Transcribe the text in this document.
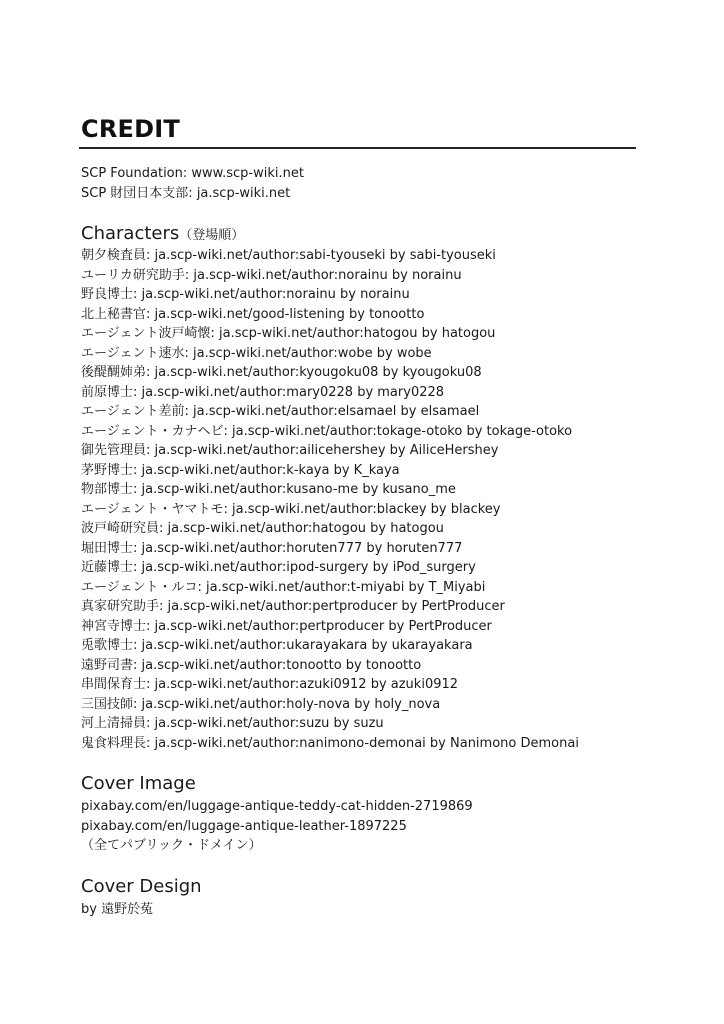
CREDIT
SCP Foundation: www.scp-wiki.net
SCP 財団日本支部: ja.scp-wiki.net
Characters（登場順）
朝夕検査員: ja.scp-wiki.net/author:sabi-tyouseki by sabi-tyouseki
ユーリカ研究助手: ja.scp-wiki.net/author:norainu by norainu
野良博士: ja.scp-wiki.net/author:norainu by norainu
北上秘書官: ja.scp-wiki.net/good-listening by tonootto
エージェント波戸崎懐: ja.scp-wiki.net/author:hatogou by hatogou
エージェント速水: ja.scp-wiki.net/author:wobe by wobe
後醍醐姉弟: ja.scp-wiki.net/author:kyougoku08 by kyougoku08
前原博士: ja.scp-wiki.net/author:mary0228 by mary0228
エージェント差前: ja.scp-wiki.net/author:elsamael by elsamael
エージェント・カナヘビ: ja.scp-wiki.net/author:tokage-otoko by tokage-otoko
御先管理員: ja.scp-wiki.net/author:ailicehershey by AiliceHershey
茅野博士: ja.scp-wiki.net/author:k-kaya by K_kaya
物部博士: ja.scp-wiki.net/author:kusano-me by kusano_me
エージェント・ヤマトモ: ja.scp-wiki.net/author:blackey by blackey
波戸崎研究員: ja.scp-wiki.net/author:hatogou by hatogou
堀田博士: ja.scp-wiki.net/author:horuten777 by horuten777
近藤博士: ja.scp-wiki.net/author:ipod-surgery by iPod_surgery
エージェント・ルコ: ja.scp-wiki.net/author:t-miyabi by T_Miyabi
真家研究助手: ja.scp-wiki.net/author:pertproducer by PertProducer
神宮寺博士: ja.scp-wiki.net/author:pertproducer by PertProducer
兎歌博士: ja.scp-wiki.net/author:ukarayakara by ukarayakara
遠野司書: ja.scp-wiki.net/author:tonootto by tonootto
串間保育士: ja.scp-wiki.net/author:azuki0912 by azuki0912
三国技師: ja.scp-wiki.net/author:holy-nova by holy_nova
河上清掃員: ja.scp-wiki.net/author:suzu by suzu
鬼食料理長: ja.scp-wiki.net/author:nanimono-demonai by Nanimono Demonai
Cover Image
pixabay.com/en/luggage-antique-teddy-cat-hidden-2719869
pixabay.com/en/luggage-antique-leather-1897225
（全てパブリック・ドメイン）
Cover Design
by 遠野於菟
